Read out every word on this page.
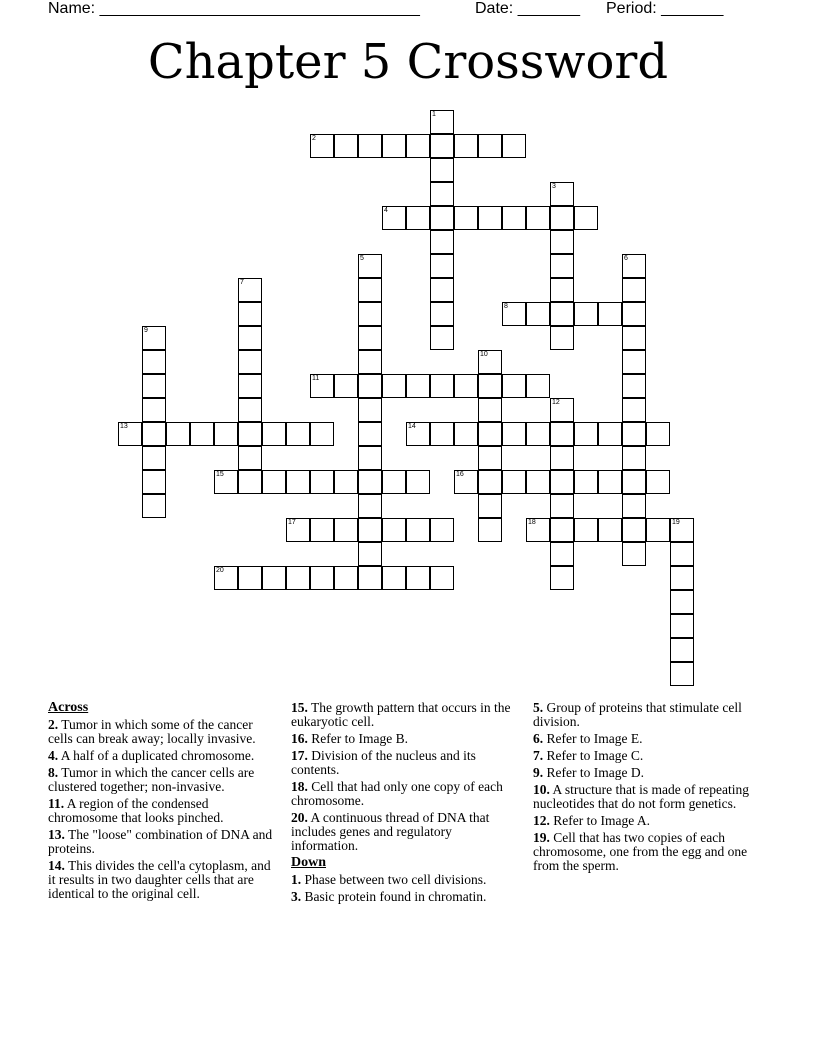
Name: ____________________________________	Date: _______ Period: _______
Chapter 5 Crossword
1
2
3
4
5	6
7
8
9
10
11
12
13	14
15	16
17	18	19
20
Across
2. Tumor in which some of the cancer cells can break away; locally invasive.
4. A half of a duplicated chromosome.
8. Tumor in which the cancer cells are clustered together; non-invasive.
11. A region of the condensed chromosome that looks pinched.
13. The "loose" combination of DNA and proteins.
14. This divides the cell'a cytoplasm, and it results in two daughter cells that are identical to the original cell.
15. The growth pattern that occurs in the eukaryotic cell.
16. Refer to Image B.
17. Division of the nucleus and its contents.
18. Cell that had only one copy of each chromosome.
20. A continuous thread of DNA that includes genes and regulatory information.
Down
1. Phase between two cell divisions.
3. Basic protein found in chromatin.
5. Group of proteins that stimulate cell division.
6. Refer to Image E.
7. Refer to Image C.
9. Refer to Image D.
10. A structure that is made of repeating nucleotides that do not form genetics.
12. Refer to Image A.
19. Cell that has two copies of each chromosome, one from the egg and one from the sperm.
